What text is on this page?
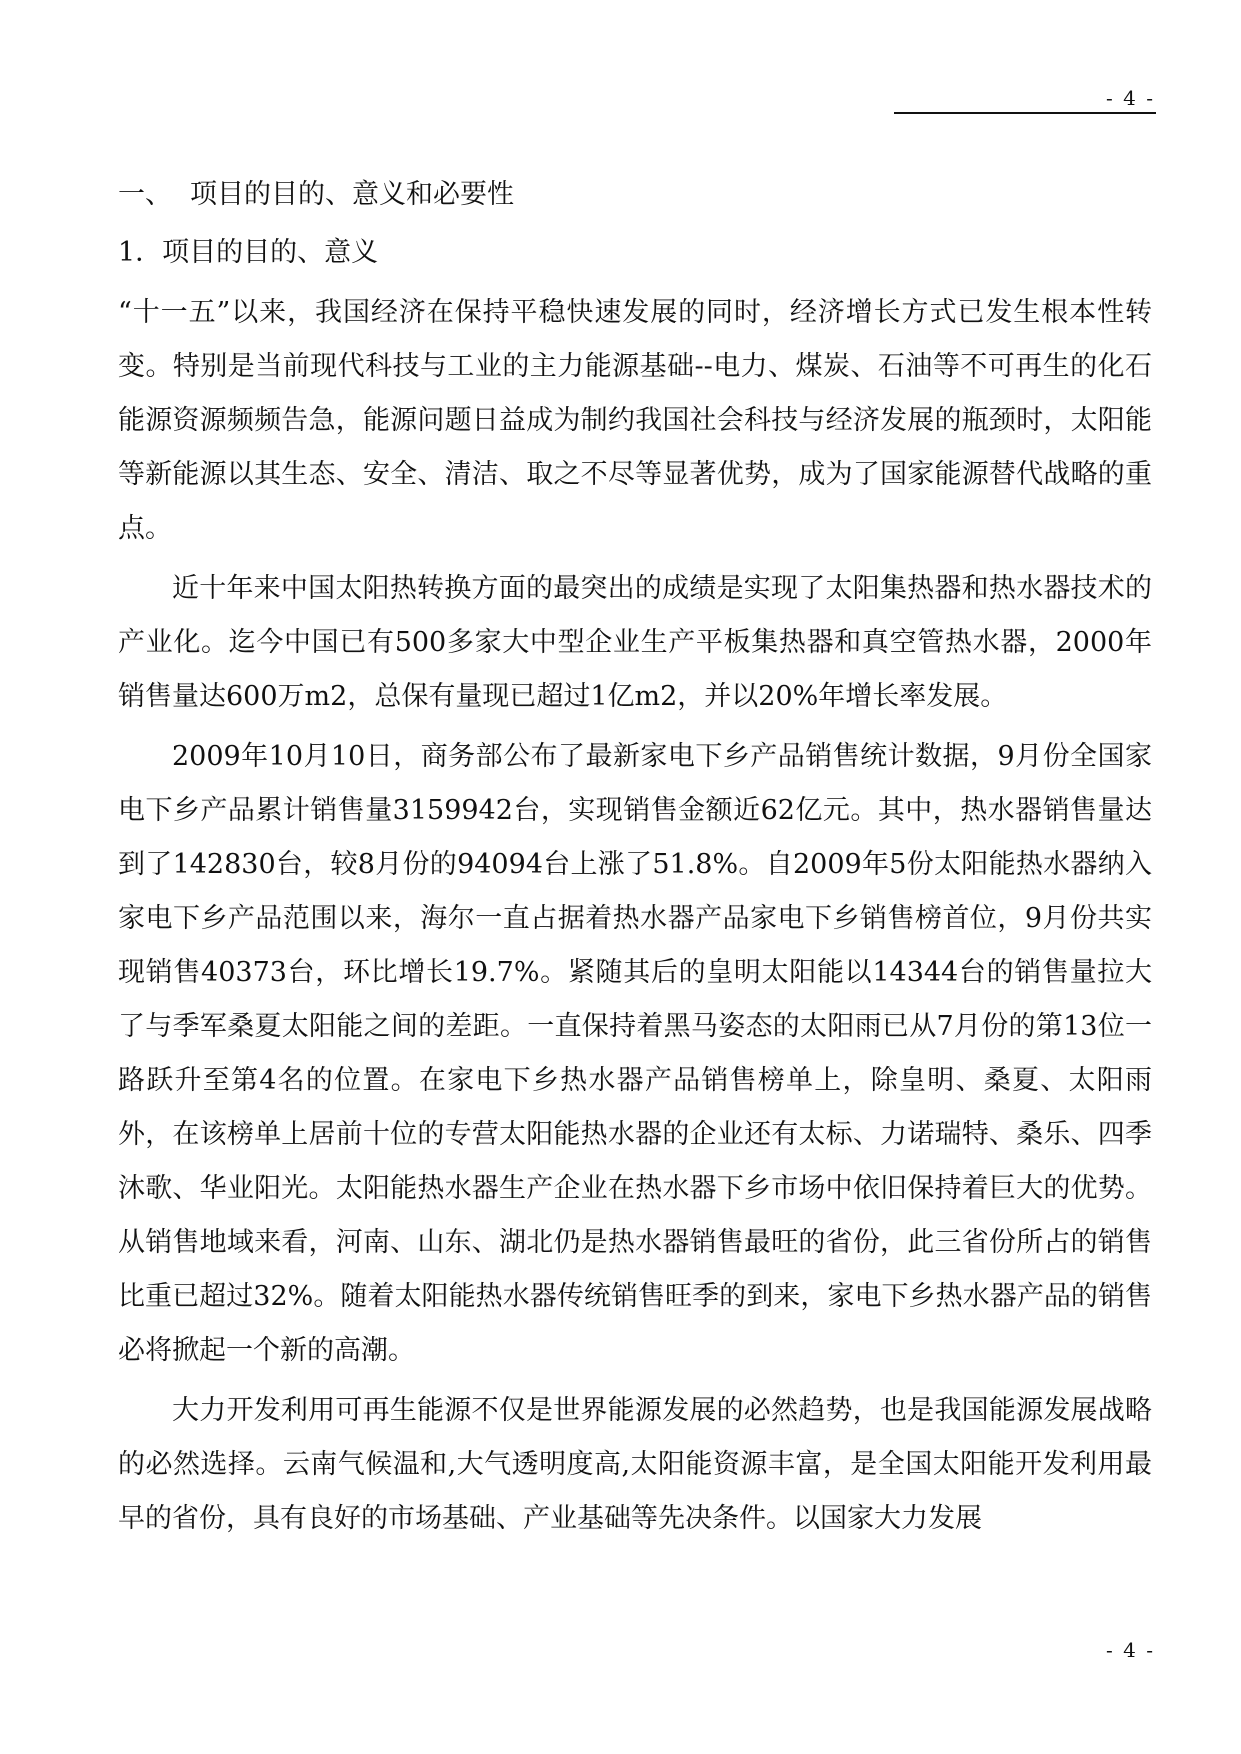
- 4 -
一、 项目的目的、意义和必要性
1．项目的目的、意义

“十一五”以来，我国经济在保持平稳快速发展的同时，经济增长方式已发生根本性转变。特别是当前现代科技与工业的主力能源基础--电力、煤炭、石油等不可再生的化石能源资源频频告急，能源问题日益成为制约我国社会科技与经济发展的瓶颈时，太阳能等新能源以其生态、安全、清洁、取之不尽等显著优势，成为了国家能源替代战略的重点。

近十年来中国太阳热转换方面的最突出的成绩是实现了太阳集热器和热水器技术的产业化。迄今中国已有500多家大中型企业生产平板集热器和真空管热水器，2000年销售量达600万m2，总保有量现已超过1亿m2，并以20%年增长率发展。

2009年10月10日，商务部公布了最新家电下乡产品销售统计数据，9月份全国家电下乡产品累计销售量3159942台，实现销售金额近62亿元。其中，热水器销售量达到了142830台，较8月份的94094台上涨了51.8%。自2009年5份太阳能热水器纳入家电下乡产品范围以来，海尔一直占据着热水器产品家电下乡销售榜首位，9月份共实现销售40373台，环比增长19.7%。紧随其后的皇明太阳能以14344台的销售量拉大了与季军桑夏太阳能之间的差距。一直保持着黑马姿态的太阳雨已从7月份的第13位一路跃升至第4名的位置。在家电下乡热水器产品销售榜单上，除皇明、桑夏、太阳雨外，在该榜单上居前十位的专营太阳能热水器的企业还有太标、力诺瑞特、桑乐、四季沐歌、华业阳光。太阳能热水器生产企业在热水器下乡市场中依旧保持着巨大的优势。从销售地域来看，河南、山东、湖北仍是热水器销售最旺的省份，此三省份所占的销售比重已超过32%。随着太阳能热水器传统销售旺季的到来，家电下乡热水器产品的销售必将掀起一个新的高潮。

大力开发利用可再生能源不仅是世界能源发展的必然趋势，也是我国能源发展战略的必然选择。云南气候温和,大气透明度高,太阳能资源丰富，是全国太阳能开发利用最早的省份，具有良好的市场基础、产业基础等先决条件。以国家大力发展

- 4 -
